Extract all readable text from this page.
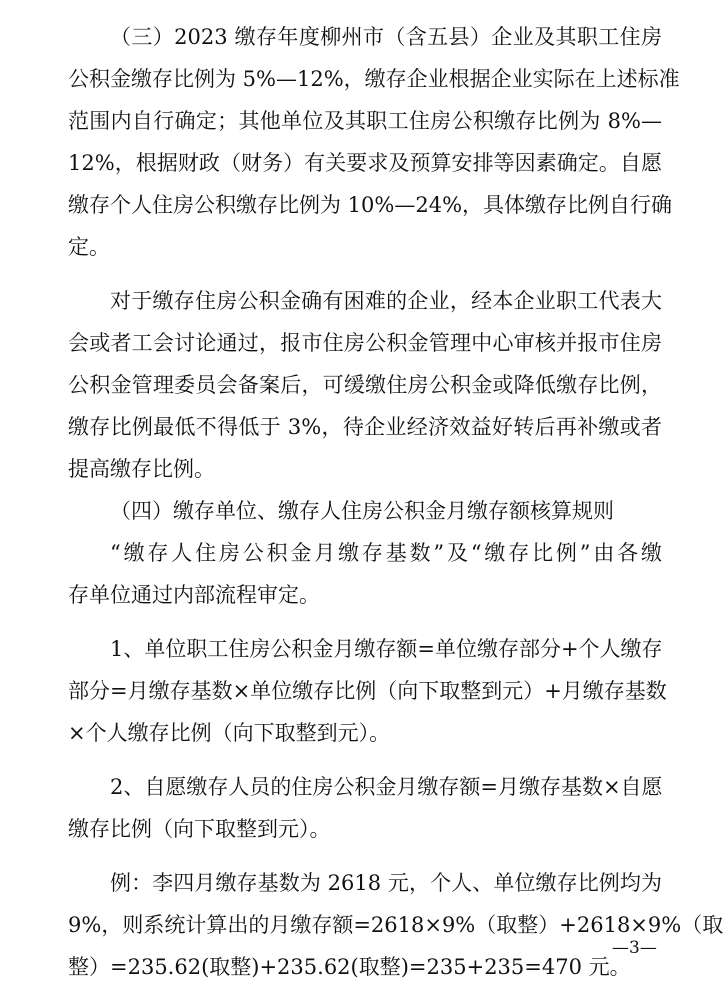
（三）2023 缴存年度柳州市（含五县）企业及其职工住房
公积金缴存比例为 5%—12%，缴存企业根据企业实际在上述标准
范围内自行确定；其他单位及其职工住房公积缴存比例为 8%—
12%，根据财政（财务）有关要求及预算安排等因素确定。自愿
缴存个人住房公积缴存比例为 10%—24%，具体缴存比例自行确
定。
对于缴存住房公积金确有困难的企业，经本企业职工代表大
会或者工会讨论通过，报市住房公积金管理中心审核并报市住房
公积金管理委员会备案后，可缓缴住房公积金或降低缴存比例，
缴存比例最低不得低于 3%，待企业经济效益好转后再补缴或者
提高缴存比例。
（四）缴存单位、缴存人住房公积金月缴存额核算规则
“缴存人住房公积金月缴存基数”及“缴存比例”由各缴
存单位通过内部流程审定。
1、单位职工住房公积金月缴存额=单位缴存部分+个人缴存
部分=月缴存基数×单位缴存比例（向下取整到元）+月缴存基数
×个人缴存比例（向下取整到元）。
2、自愿缴存人员的住房公积金月缴存额=月缴存基数×自愿
缴存比例（向下取整到元）。
例：李四月缴存基数为 2618 元，个人、单位缴存比例均为
9%，则系统计算出的月缴存额=2618×9%（取整）+2618×9%（取
整）=235.62(取整)+235.62(取整)=235+235=470 元。
—3—
